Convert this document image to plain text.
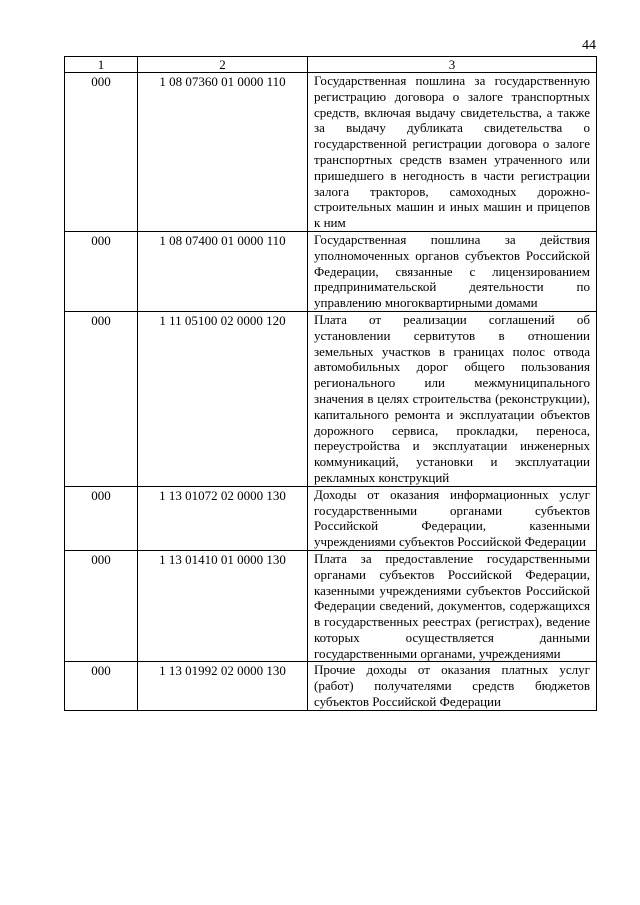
44
1	2	3
000	1 08 07360 01 0000 110	Государственная пошлина за государственную регистрацию договора о залоге транспортных средств, включая выдачу свидетельства, а также за выдачу дубликата свидетельства о государственной регистрации договора о залоге транспортных средств взамен утраченного или пришедшего в негодность в части регистрации залога тракторов, самоходных дорожно-строительных машин и иных машин и прицепов к ним
000	1 08 07400 01 0000 110	Государственная пошлина за действия уполномоченных органов субъектов Российской Федерации, связанные с лицензированием предпринимательской деятельности по управлению многоквартирными домами
000	1 11 05100 02 0000 120	Плата от реализации соглашений об установлении сервитутов в отношении земельных участков в границах полос отвода автомобильных дорог общего пользования регионального или межмуниципального значения в целях строительства (реконструкции), капитального ремонта и эксплуатации объектов дорожного сервиса, прокладки, переноса, переустройства и эксплуатации инженерных коммуникаций, установки и эксплуатации рекламных конструкций
000	1 13 01072 02 0000 130	Доходы от оказания информационных услуг государственными органами субъектов Российской Федерации, казенными учреждениями субъектов Российской Федерации
000	1 13 01410 01 0000 130	Плата за предоставление государственными органами субъектов Российской Федерации, казенными учреждениями субъектов Российской Федерации сведений, документов, содержащихся в государственных реестрах (регистрах), ведение которых осуществляется данными государственными органами, учреждениями
000	1 13 01992 02 0000 130	Прочие доходы от оказания платных услуг (работ) получателями средств бюджетов субъектов Российской Федерации
